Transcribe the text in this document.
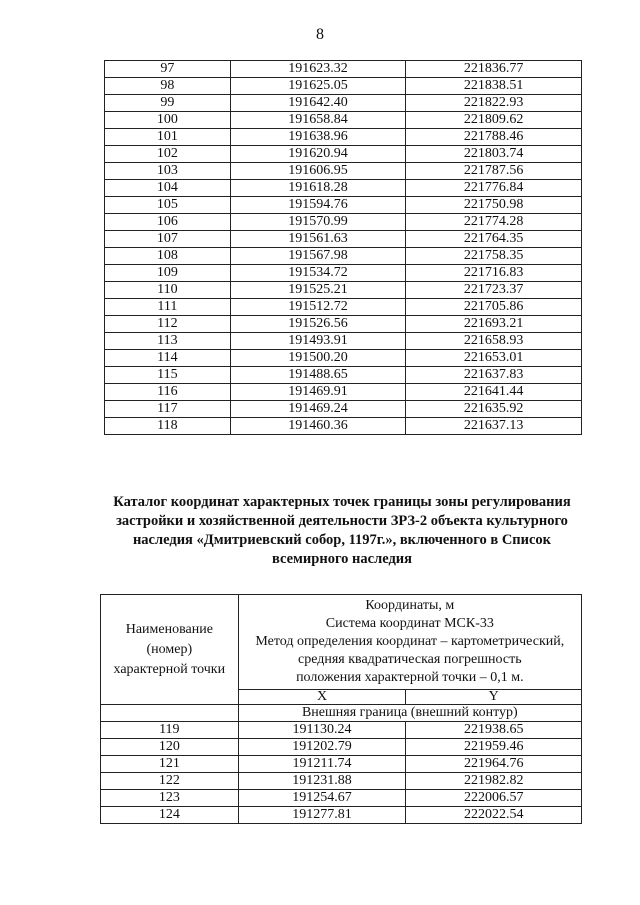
8
97	191623.32	221836.77
98	191625.05	221838.51
99	191642.40	221822.93
100	191658.84	221809.62
101	191638.96	221788.46
102	191620.94	221803.74
103	191606.95	221787.56
104	191618.28	221776.84
105	191594.76	221750.98
106	191570.99	221774.28
107	191561.63	221764.35
108	191567.98	221758.35
109	191534.72	221716.83
110	191525.21	221723.37
111	191512.72	221705.86
112	191526.56	221693.21
113	191493.91	221658.93
114	191500.20	221653.01
115	191488.65	221637.83
116	191469.91	221641.44
117	191469.24	221635.92
118	191460.36	221637.13
Каталог координат характерных точек границы зоны регулирования
застройки и хозяйственной деятельности ЗРЗ-2 объекта культурного
наследия «Дмитриевский собор, 1197г.», включенного в Список
всемирного наследия
Наименование
(номер)
характерной точки	Координаты, м
Система координат МСК-33
Метод определения координат – картометрический,
средняя квадратическая погрешность
положения характерной точки – 0,1 м.	

	X	Y
	Внешняя граница (внешний контур)	
119	191130.24	221938.65
120	191202.79	221959.46
121	191211.74	221964.76
122	191231.88	221982.82
123	191254.67	222006.57
124	191277.81	222022.54
